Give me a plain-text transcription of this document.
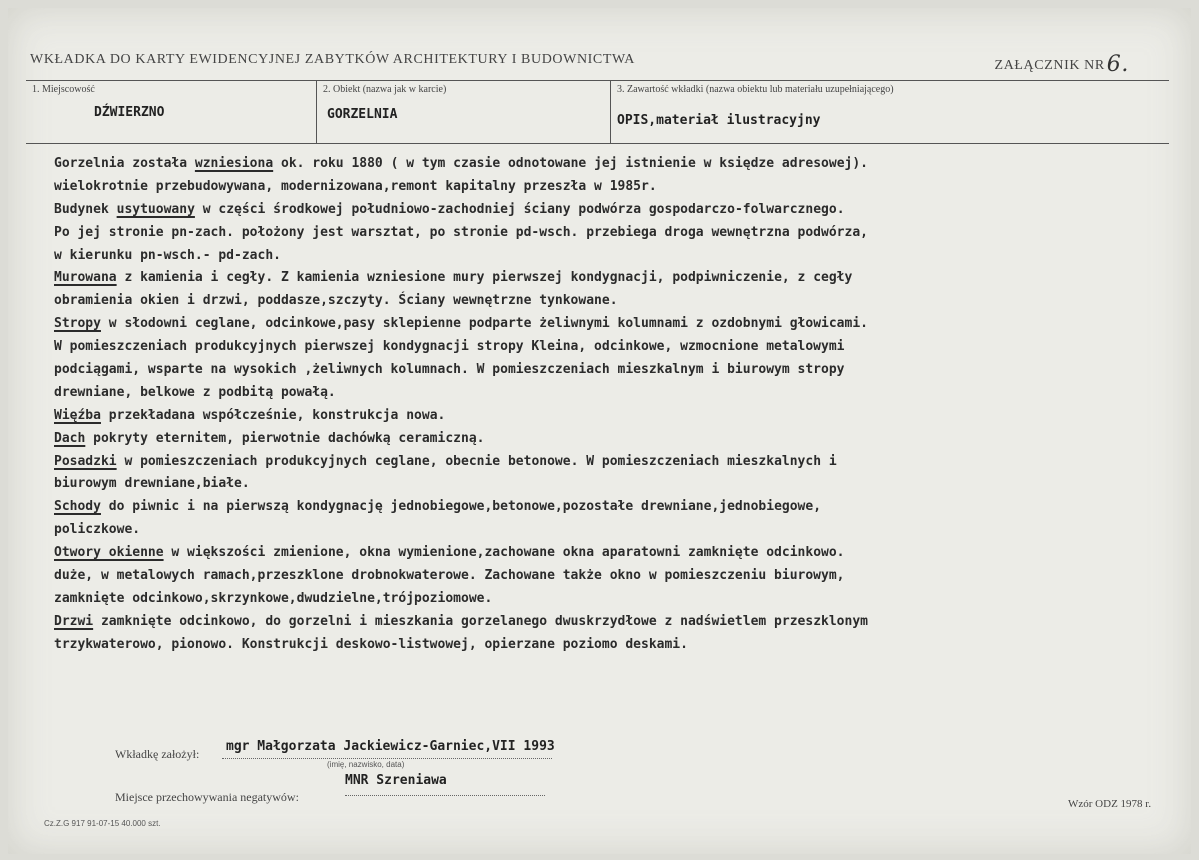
WKŁADKA DO KARTY EWIDENCYJNEJ ZABYTKÓW ARCHITEKTURY I BUDOWNICTWA	ZAŁĄCZNIK NR6.
1. Miejscowość
DŹWIERZNO
2. Obiekt (nazwa jak w karcie)
GORZELNIA
3. Zawartość wkładki (nazwa obiektu lub materiału uzupełniającego)
OPIS,materiał ilustracyjny
Gorzelnia została
wzniesiona
ok. roku 1880 ( w tym czasie odnotowane jej istnienie w księdze adresowej).
wielokrotnie przebudowywana, modernizowana,remont kapitalny przeszła w 1985r.
Budynek
usytuowany
w części środkowej południowo-zachodniej ściany podwórza gospodarczo-folwarcznego.
Po jej stronie pn-zach. położony jest warsztat, po stronie pd-wsch. przebiega droga wewnętrzna podwórza,
w kierunku pn-wsch.- pd-zach.
Murowana
z kamienia i cegły. Z kamienia wzniesione mury pierwszej kondygnacji, podpiwniczenie, z cegły
obramienia okien i drzwi, poddasze,szczyty. Ściany wewnętrzne tynkowane.
Stropy
w słodowni ceglane, odcinkowe,pasy sklepienne podparte żeliwnymi kolumnami z ozdobnymi głowicami.
W pomieszczeniach produkcyjnych pierwszej kondygnacji stropy Kleina, odcinkowe, wzmocnione metalowymi
podciągami, wsparte na wysokich ,żeliwnych kolumnach. W pomieszczeniach mieszkalnym i biurowym stropy
drewniane, belkowe z podbitą powałą.
Więźba
przekładana współcześnie, konstrukcja nowa.
Dach
pokryty eternitem, pierwotnie dachówką ceramiczną.
Posadzki
w pomieszczeniach produkcyjnych ceglane, obecnie betonowe. W pomieszczeniach mieszkalnych i
biurowym drewniane,białe.
Schody
do piwnic i na pierwszą kondygnację jednobiegowe,betonowe,pozostałe drewniane,jednobiegowe,
policzkowe.
Otwory okienne
w większości zmienione, okna wymienione,zachowane okna aparatowni zamknięte odcinkowo.
duże, w metalowych ramach,przeszklone drobnokwaterowe. Zachowane także okno w pomieszczeniu biurowym,
zamknięte odcinkowo,skrzynkowe,dwudzielne,trójpoziomowe.
Drzwi
zamknięte odcinkowo, do gorzelni i mieszkania gorzelanego dwuskrzydłowe z nadświetlem przeszklonym
trzykwaterowo, pionowo. Konstrukcji deskowo-listwowej, opierzane poziomo deskami.
Wkładkę założył: mgr Małgorzata Jackiewicz-Garniec,VII 1993
(imię, nazwisko, data)
MNR Szreniawa
Miejsce przechowywania negatywów:	Wzór ODZ 1978 r.
Cz.Z.G 917 91-07-15 40.000 szt.
